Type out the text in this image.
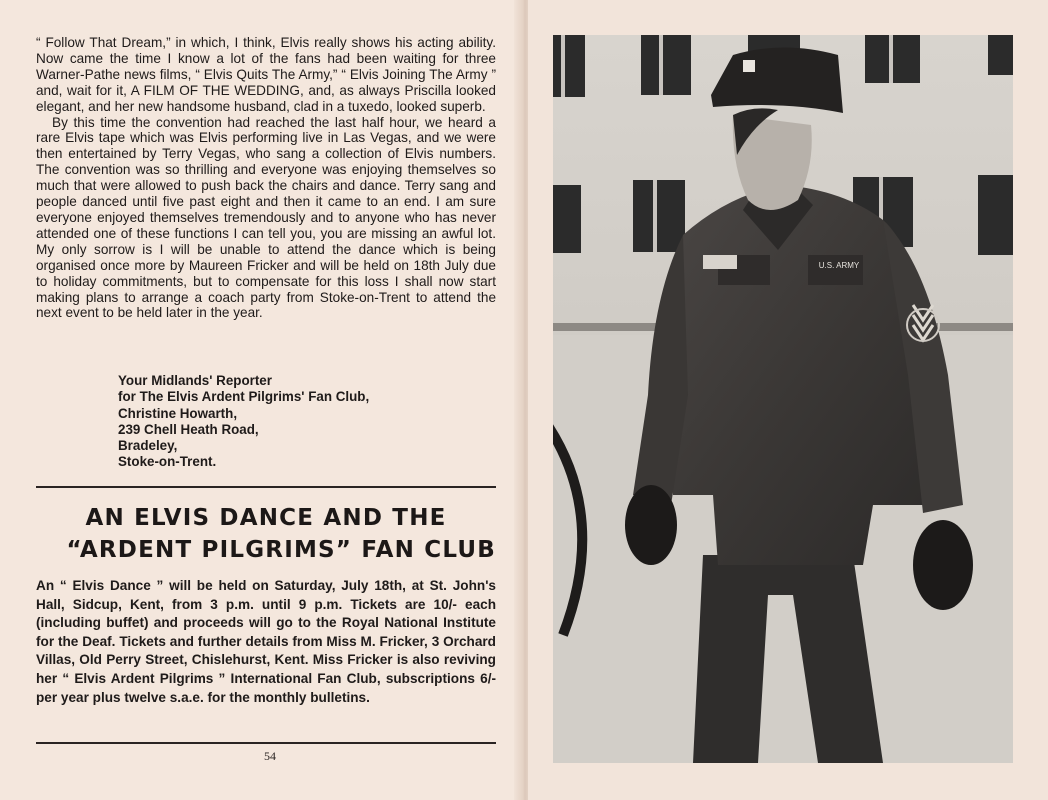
“ Follow That Dream,” in which, I think, Elvis really shows his acting ability. Now came the time I know a lot of the fans had been waiting for three Warner-Pathe news films, “ Elvis Quits The Army,” “ Elvis Joining The Army ” and, wait for it, A FILM OF THE WEDDING, and, as always Priscilla looked elegant, and her new handsome husband, clad in a tuxedo, looked superb.

By this time the convention had reached the last half hour, we heard a rare Elvis tape which was Elvis performing live in Las Vegas, and we were then entertained by Terry Vegas, who sang a collection of Elvis numbers. The convention was so thrilling and everyone was enjoying themselves so much that were allowed to push back the chairs and dance. Terry sang and people danced until five past eight and then it came to an end. I am sure everyone enjoyed themselves tremendously and to anyone who has never attended one of these functions I can tell you, you are missing an awful lot. My only sorrow is I will be unable to attend the dance which is being organised once more by Maureen Fricker and will be held on 18th July due to holiday commitments, but to compensate for this loss I shall now start making plans to arrange a coach party from Stoke-on-Trent to attend the next event to be held later in the year.

Your Midlands' Reporter
for The Elvis Ardent Pilgrims' Fan Club,
Christine Howarth,
239 Chell Heath Road,
Bradeley,
Stoke-on-Trent.
AN ELVIS DANCE AND THE
“ARDENT PILGRIMS” FAN CLUB
An “ Elvis Dance ” will be held on Saturday, July 18th, at St. John's Hall, Sidcup, Kent, from 3 p.m. until 9 p.m. Tickets are 10/- each (including buffet) and proceeds will go to the Royal National Institute for the Deaf. Tickets and further details from Miss M. Fricker, 3 Orchard Villas, Old Perry Street, Chislehurst, Kent. Miss Fricker is also reviving her “ Elvis Ardent Pilgrims ” International Fan Club, subscriptions 6/- per year plus twelve s.a.e. for the monthly bulletins.
54
U.S. ARMY
